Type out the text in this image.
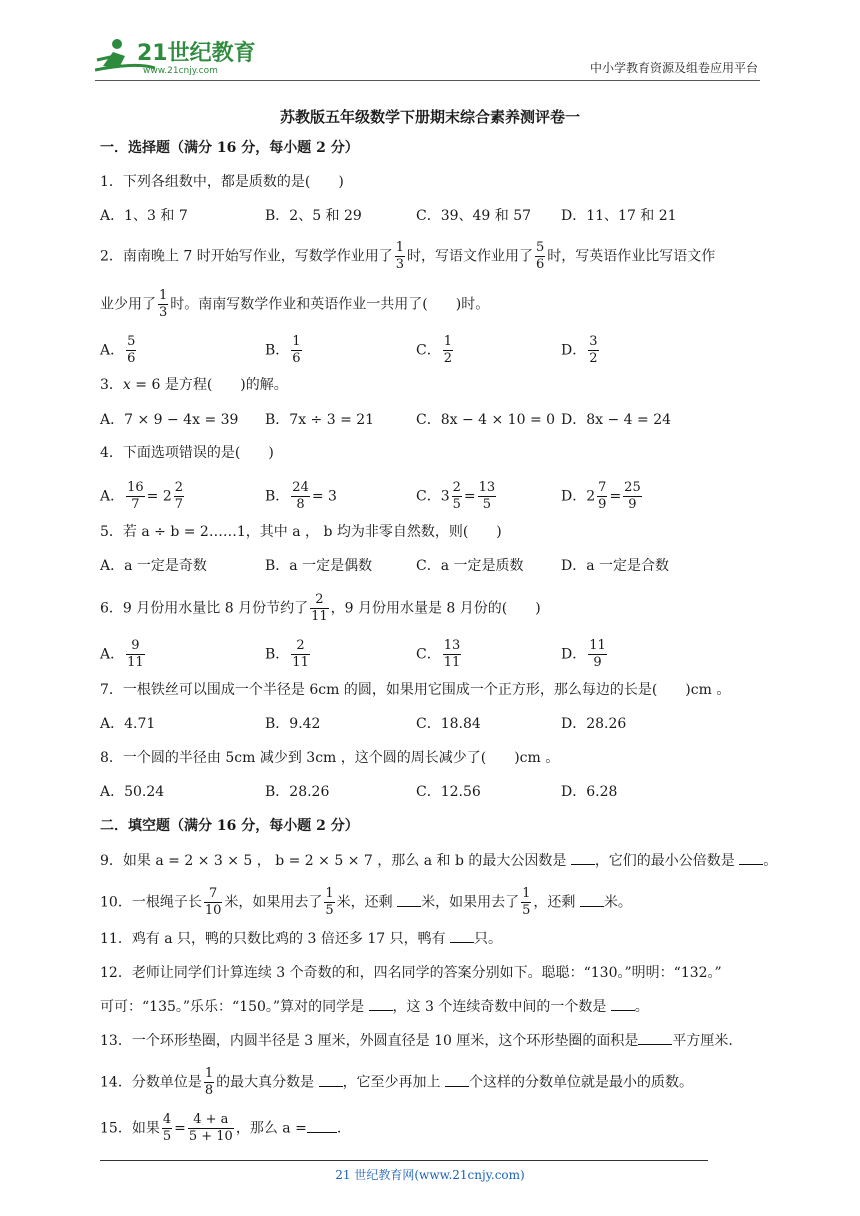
21世纪教育
www.21cnjy.com	中小学教育资源及组卷应用平台
苏教版五年级数学下册期末综合素养测评卷一
一．选择题（满分 16 分，每小题 2 分）
1．下列各组数中，都是质数的是(　　)
A．1、3 和 7	B．2、5 和 29	C．39、49 和 57 D．11、17 和 21
2．南南晚上 7 时开始写作业，写数学作业用了 $\frac{1}{3}$ 时，写语文作业用了 $\frac{5}{6}$ 时，写英语作业比写语文作
业少用了 $\frac{1}{3}$ 时。南南写数学作业和英语作业一共用了(　　)时。
A． $\frac{5}{6}$	B． $\frac{1}{6}$	C． $\frac{1}{2}$	D． $\frac{3}{2}$
3．x = 6 是方程(　　)的解。
A．7 × 9 − 4x = 39 B．7x ÷ 3 = 21	C．8x − 4 × 10 = 0 D．8x − 4 = 24
4．下面选项错误的是(　　)
A． $\frac{16}{7} = 2 \frac{2}{7}$	B． $\frac{24}{8} = 3$	C．$3 \frac{2}{5} = \frac{13}{5}$	D．$2 \frac{7}{9} = \frac{25}{9}$
5．若 a ÷ b = 2……1，其中 a ， b 均为非零自然数，则(　　)
A．a 一定是奇数	B．a 一定是偶数	C．a 一定是质数	D．a 一定是合数
6．9 月份用水量比 8 月份节约了 $\frac{2}{11}$ ，9 月份用水量是 8 月份的(　　)
A． $\frac{9}{11}$	B． $\frac{2}{11}$	C． $\frac{13}{11}$	D． $\frac{11}{9}$
7．一根铁丝可以围成一个半径是 6cm 的圆，如果用它围成一个正方形，那么每边的长是(　　)cm 。
A．4.71	B．9.42	C．18.84	D．28.26
8．一个圆的半径由 5cm 减少到 3cm ，这个圆的周长减少了(　　)cm 。
A．50.24	B．28.26	C．12.56	D．6.28
二．填空题（满分 16 分，每小题 2 分）
9．如果 a = 2 × 3 × 5 ， b = 2 × 5 × 7 ，那么 a 和 b 的最大公因数是 ，它们的最小公倍数是 。
10．一根绳子长 $\frac{7}{10}$ 米，如果用去了 $\frac{1}{5}$ 米，还剩 米，如果用去了 $\frac{1}{5}$ ，还剩 米。
11．鸡有 a 只，鸭的只数比鸡的 3 倍还多 17 只，鸭有 只。
12．老师让同学们计算连续 3 个奇数的和，四名同学的答案分别如下。聪聪：“130。”明明：“132。”
可可：“135。”乐乐：“150。”算对的同学是 ，这 3 个连续奇数中间的一个数是 。
13．一个环形垫圈，内圆半径是 3 厘米，外圆直径是 10 厘米，这个环形垫圈的面积是 平方厘米.
14．分数单位是 $\frac{1}{8}$ 的最大真分数是 ，它至少再加上 个这样的分数单位就是最小的质数。
15．如果 $\frac{4}{5} = \frac{4 + a}{5 + 10}$ ，那么 a = .
21 世纪教育网(www.21cnjy.com)
